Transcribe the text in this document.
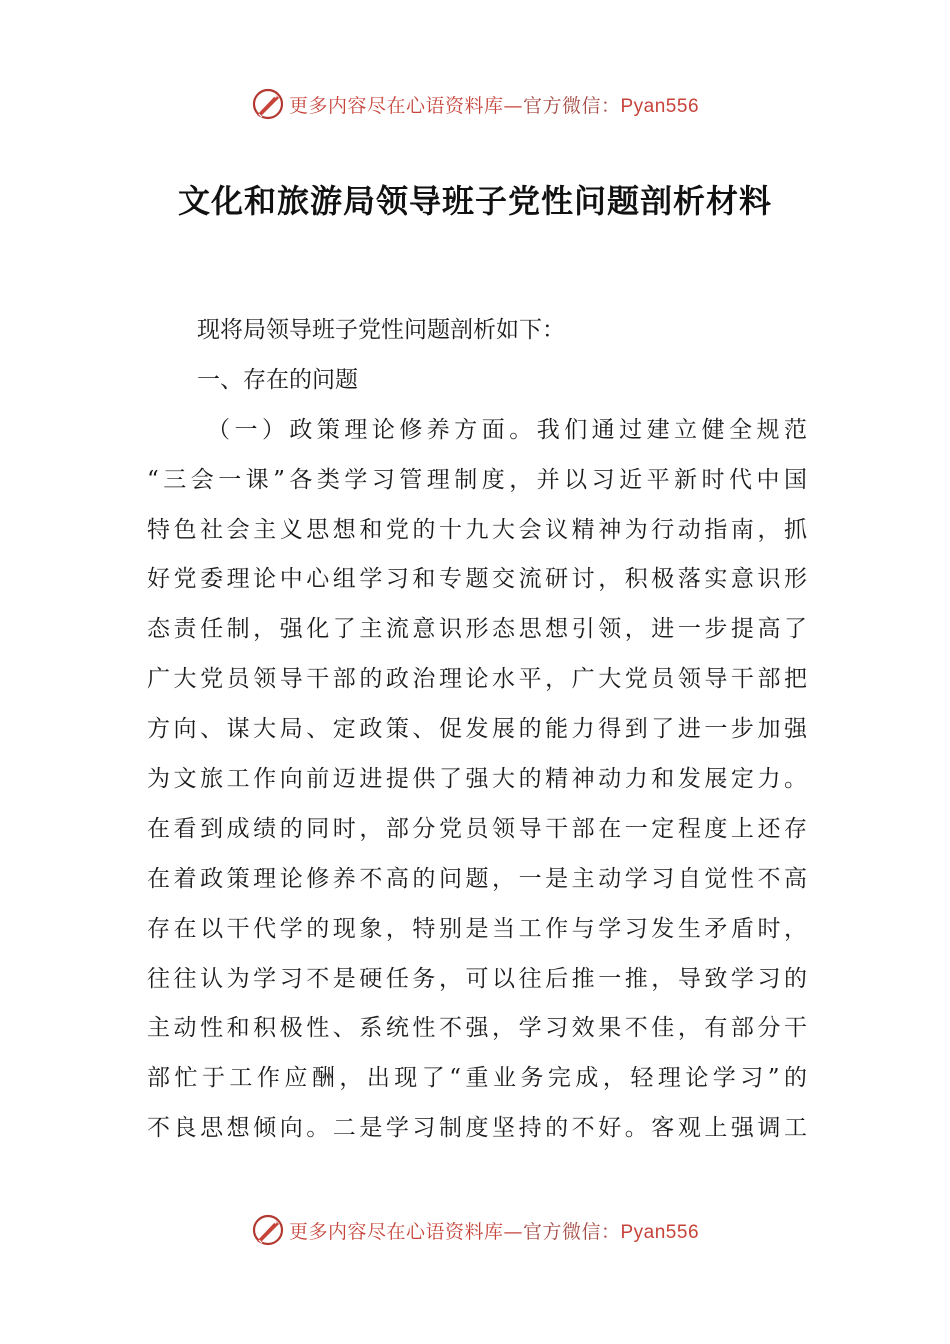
更多内容尽在心语资料库—官方微信：Pyan556
文化和旅游局领导班子党性问题剖析材料
现将局领导班子党性问题剖析如下：
一、存在的问题
（一）政策理论修养方面。我们通过建立健全规范
“三会一课”各类学习管理制度，并以习近平新时代中国
特色社会主义思想和党的十九大会议精神为行动指南，抓
好党委理论中心组学习和专题交流研讨，积极落实意识形
态责任制，强化了主流意识形态思想引领，进一步提高了
广大党员领导干部的政治理论水平，广大党员领导干部把
方向、谋大局、定政策、促发展的能力得到了进一步加强
为文旅工作向前迈进提供了强大的精神动力和发展定力。
在看到成绩的同时，部分党员领导干部在一定程度上还存
在着政策理论修养不高的问题，一是主动学习自觉性不高
存在以干代学的现象，特别是当工作与学习发生矛盾时，
往往认为学习不是硬任务，可以往后推一推，导致学习的
主动性和积极性、系统性不强，学习效果不佳，有部分干
部忙于工作应酬，出现了“重业务完成，轻理论学习”的
不良思想倾向。二是学习制度坚持的不好。客观上强调工
更多内容尽在心语资料库—官方微信：Pyan556
